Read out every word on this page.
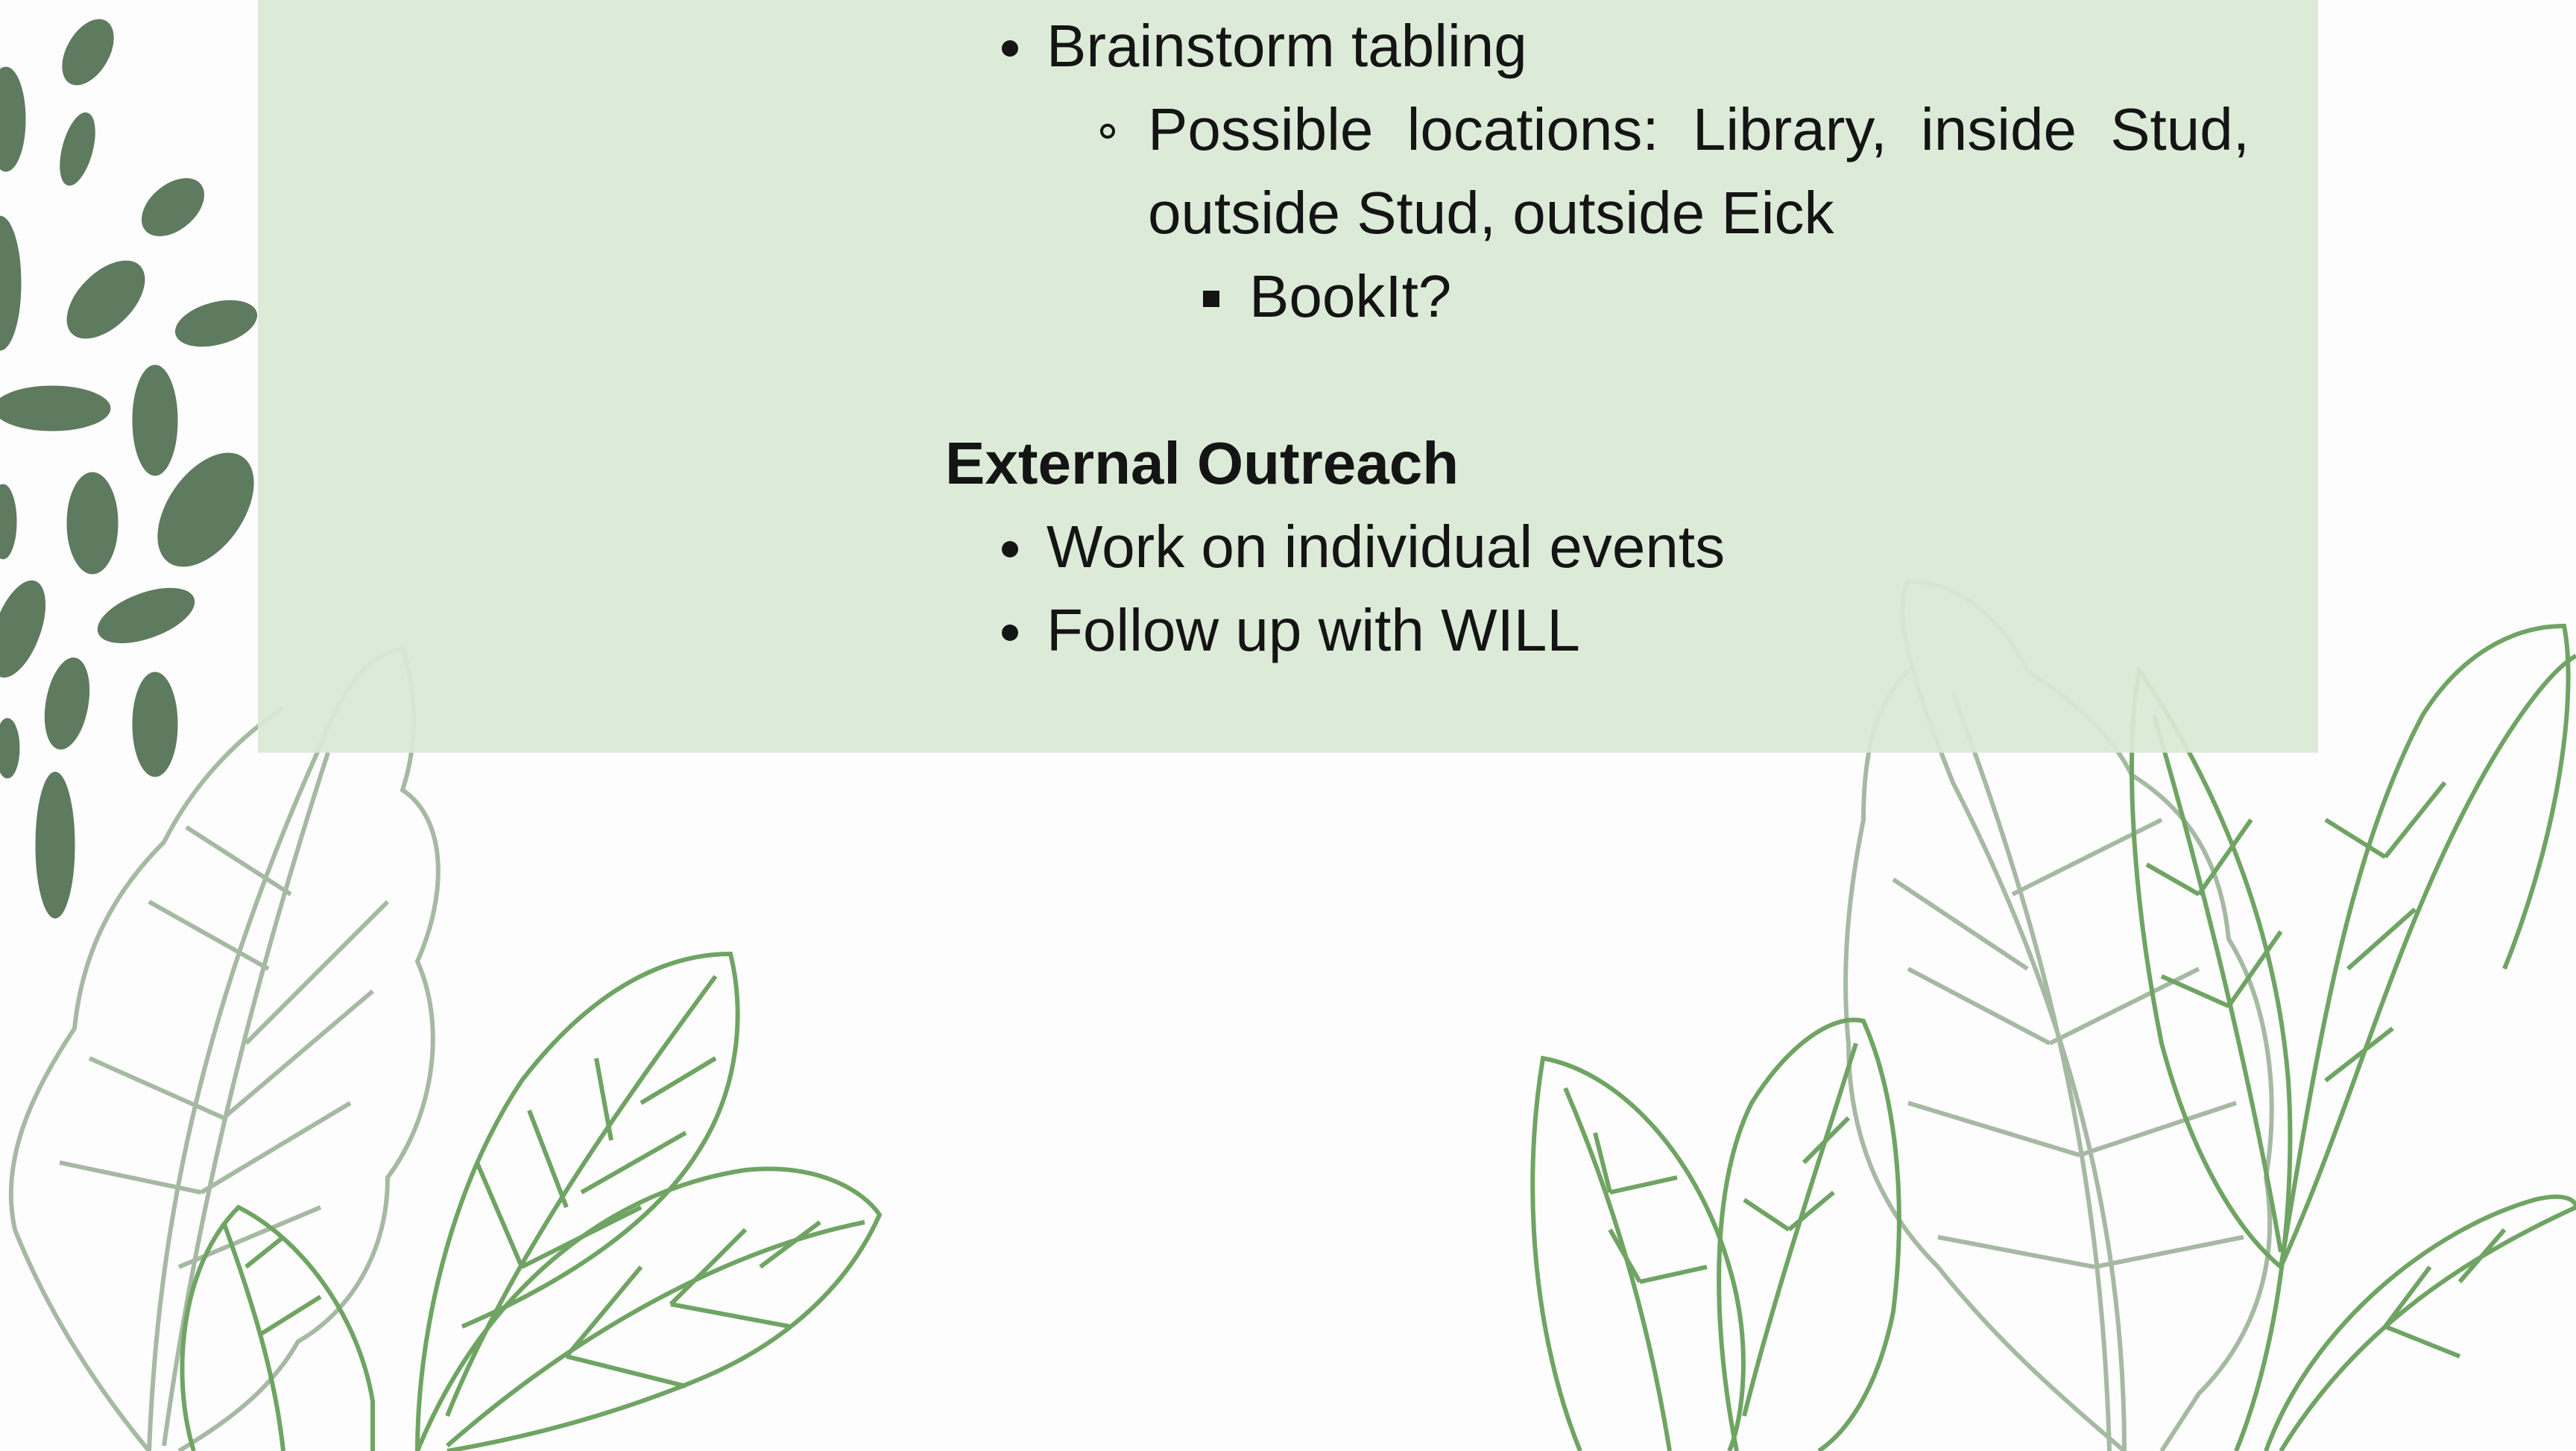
Brainstorm tabling
Possible locations: Library, inside Stud,
outside Stud, outside Eick
BookIt?
External Outreach
Work on individual events
Follow up with WILL
